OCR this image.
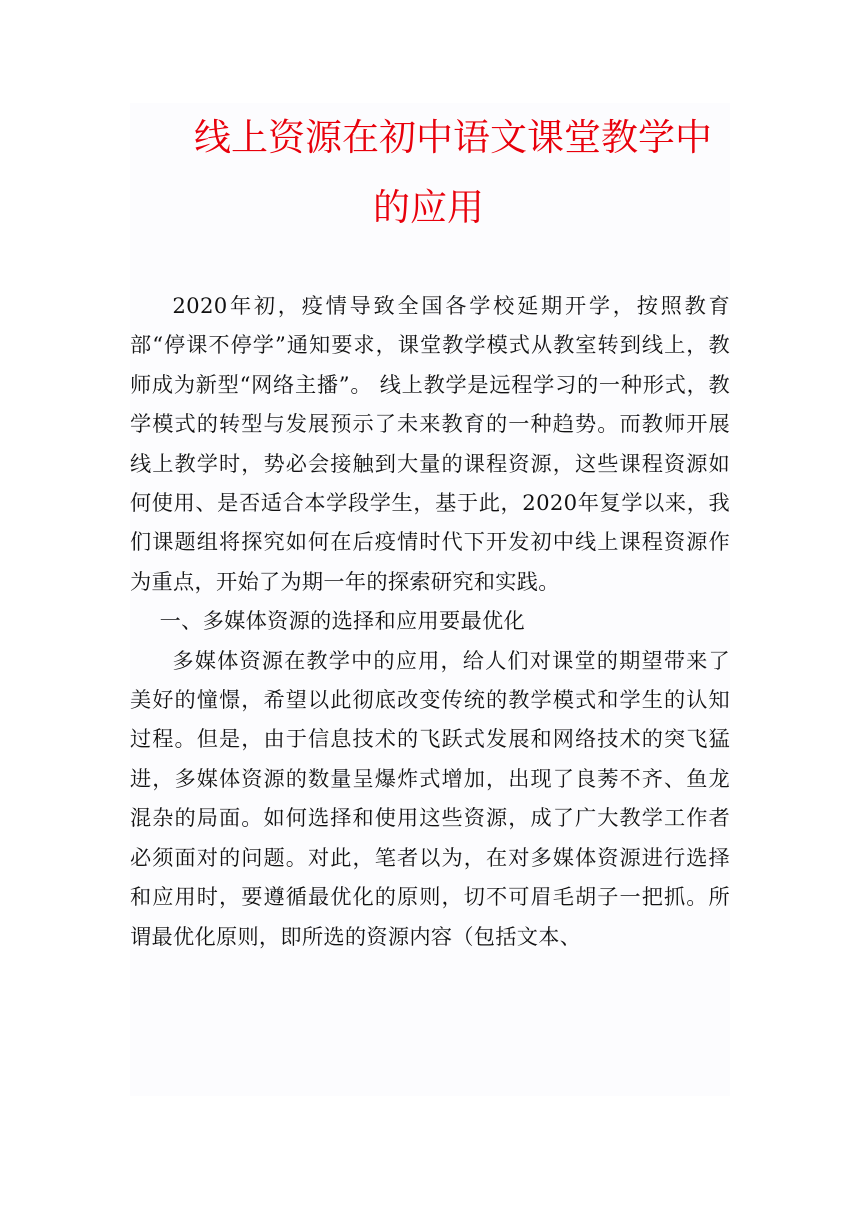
线上资源在初中语文课堂教学中
的应用

2020年初，疫情导致全国各学校延期开学，按照教育部“停课不停学”通知要求，课堂教学模式从教室转到线上，教师成为新型“网络主播”。 线上教学是远程学习的一种形式，教学模式的转型与发展预示了未来教育的一种趋势。而教师开展线上教学时，势必会接触到大量的课程资源，这些课程资源如何使用、是否适合本学段学生，基于此，2020年复学以来，我们课题组将探究如何在后疫情时代下开发初中线上课程资源作为重点，开始了为期一年的探索研究和实践。

一、多媒体资源的选择和应用要最优化

多媒体资源在教学中的应用，给人们对课堂的期望带来了美好的憧憬，希望以此彻底改变传统的教学模式和学生的认知过程。但是，由于信息技术的飞跃式发展和网络技术的突飞猛进，多媒体资源的数量呈爆炸式增加，出现了良莠不齐、鱼龙混杂的局面。如何选择和使用这些资源，成了广大教学工作者必须面对的问题。对此，笔者以为，在对多媒体资源进行选择和应用时，要遵循最优化的原则，切不可眉毛胡子一把抓。所谓最优化原则，即所选的资源内容（包括文本、
